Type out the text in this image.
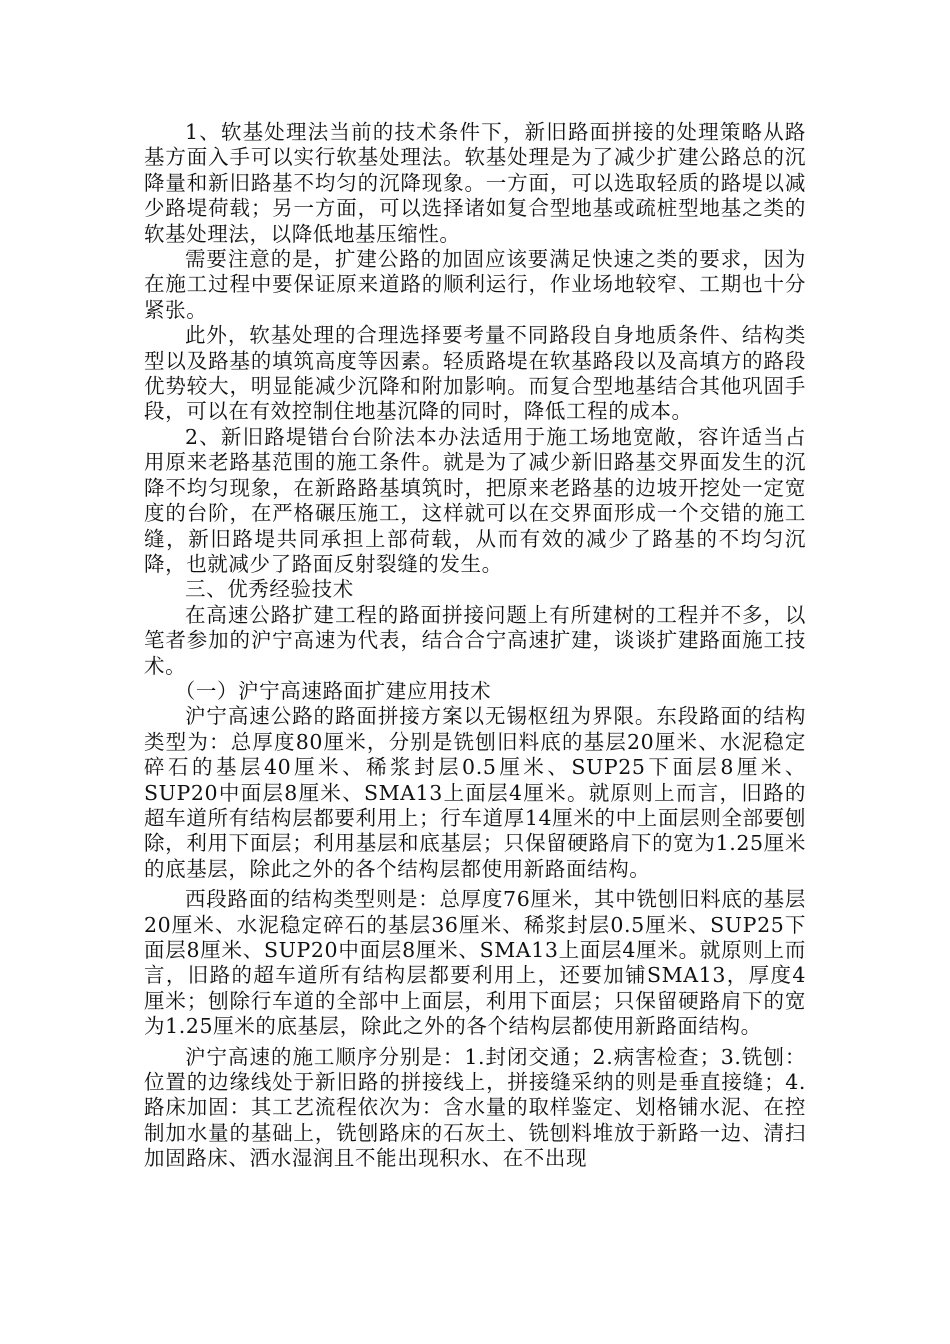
1、软基处理法当前的技术条件下，新旧路面拼接的处理策略从路基方面入手可以实行软基处理法。软基处理是为了减少扩建公路总的沉降量和新旧路基不均匀的沉降现象。一方面，可以选取轻质的路堤以减少路堤荷载；另一方面，可以选择诸如复合型地基或疏桩型地基之类的软基处理法，以降低地基压缩性。

需要注意的是，扩建公路的加固应该要满足快速之类的要求，因为在施工过程中要保证原来道路的顺利运行，作业场地较窄、工期也十分紧张。

此外，软基处理的合理选择要考量不同路段自身地质条件、结构类型以及路基的填筑高度等因素。轻质路堤在软基路段以及高填方的路段优势较大，明显能减少沉降和附加影响。而复合型地基结合其他巩固手段，可以在有效控制住地基沉降的同时，降低工程的成本。

2、新旧路堤错台台阶法本办法适用于施工场地宽敞，容许适当占用原来老路基范围的施工条件。就是为了减少新旧路基交界面发生的沉降不均匀现象，在新路路基填筑时，把原来老路基的边坡开挖处一定宽度的台阶，在严格碾压施工，这样就可以在交界面形成一个交错的施工缝，新旧路堤共同承担上部荷载，从而有效的减少了路基的不均匀沉降，也就减少了路面反射裂缝的发生。

三、优秀经验技术

在高速公路扩建工程的路面拼接问题上有所建树的工程并不多，以笔者参加的沪宁高速为代表，结合合宁高速扩建，谈谈扩建路面施工技术。

（一）沪宁高速路面扩建应用技术

沪宁高速公路的路面拼接方案以无锡枢纽为界限。东段路面的结构类型为：总厚度80厘米，分别是铣刨旧料底的基层20厘米、水泥稳定碎石的基层40厘米、稀浆封层0.5厘米、SUP25下面层8厘米、SUP20中面层8厘米、SMA13上面层4厘米。就原则上而言，旧路的超车道所有结构层都要利用上；行车道厚14厘米的中上面层则全部要刨除，利用下面层；利用基层和底基层；只保留硬路肩下的宽为1.25厘米的底基层，除此之外的各个结构层都使用新路面结构。

西段路面的结构类型则是：总厚度76厘米，其中铣刨旧料底的基层20厘米、水泥稳定碎石的基层36厘米、稀浆封层0.5厘米、SUP25下面层8厘米、SUP20中面层8厘米、SMA13上面层4厘米。就原则上而言，旧路的超车道所有结构层都要利用上，还要加铺SMA13，厚度4厘米；刨除行车道的全部中上面层，利用下面层；只保留硬路肩下的宽为1.25厘米的底基层，除此之外的各个结构层都使用新路面结构。

沪宁高速的施工顺序分别是：1.封闭交通；2.病害检查；3.铣刨：位置的边缘线处于新旧路的拼接线上，拼接缝采纳的则是垂直接缝；4.路床加固：其工艺流程依次为：含水量的取样鉴定、划格铺水泥、在控制加水量的基础上，铣刨路床的石灰土、铣刨料堆放于新路一边、清扫加固路床、洒水湿润且不能出现积水、在不出现
